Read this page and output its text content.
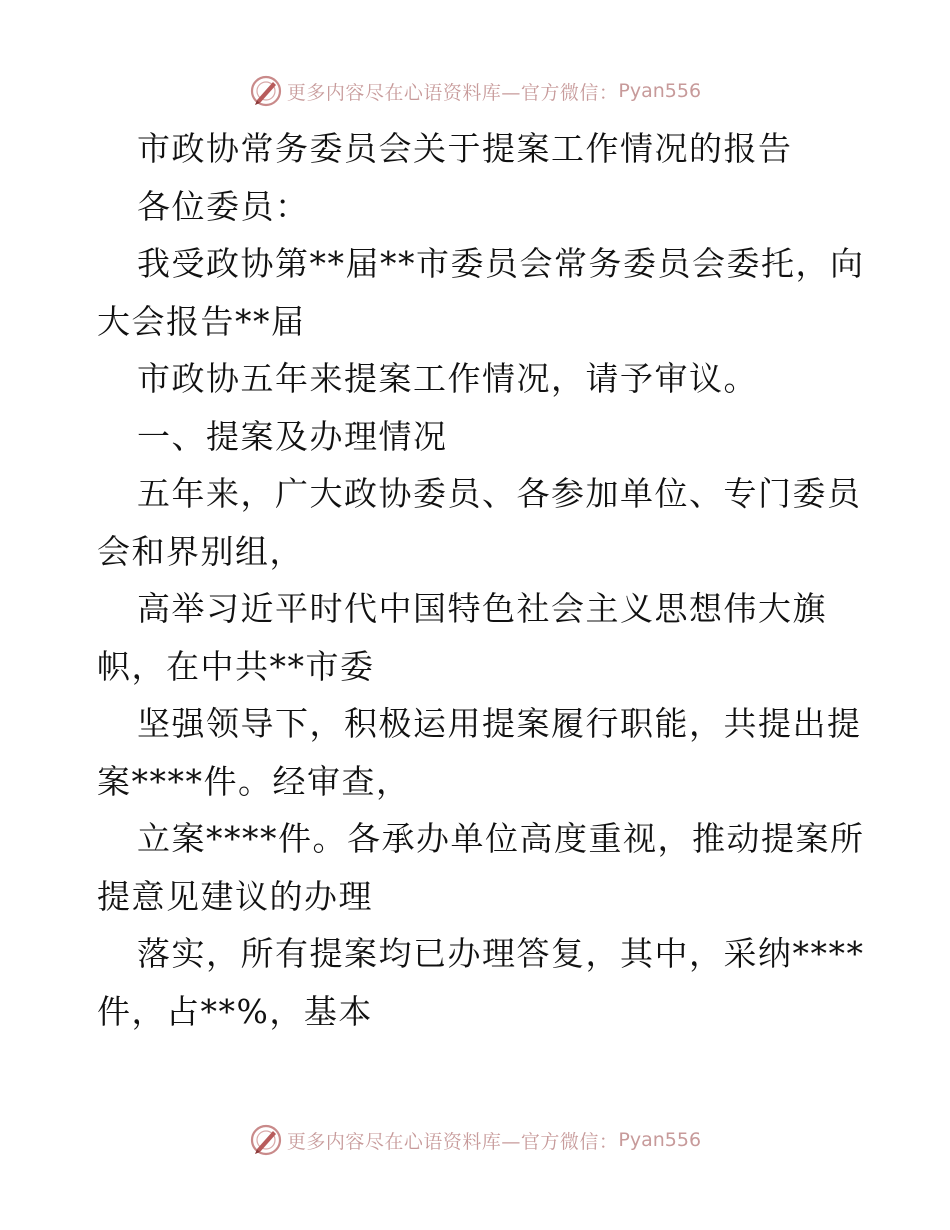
更多内容尽在心语资料库—官方微信： Pyan556
市政协常务委员会关于提案工作情况的报告
各位委员：
我受政协第**届**市委员会常务委员会委托，向
大会报告**届
市政协五年来提案工作情况，请予审议。
一、提案及办理情况
五年来，广大政协委员、各参加单位、专门委员
会和界别组，
高举习近平时代中国特色社会主义思想伟大旗
帜，在中共**市委
坚强领导下，积极运用提案履行职能，共提出提
案****件。经审查，
立案****件。各承办单位高度重视，推动提案所
提意见建议的办理
落实，所有提案均已办理答复，其中，采纳****
件，占**%，基本
更多内容尽在心语资料库—官方微信： Pyan556
